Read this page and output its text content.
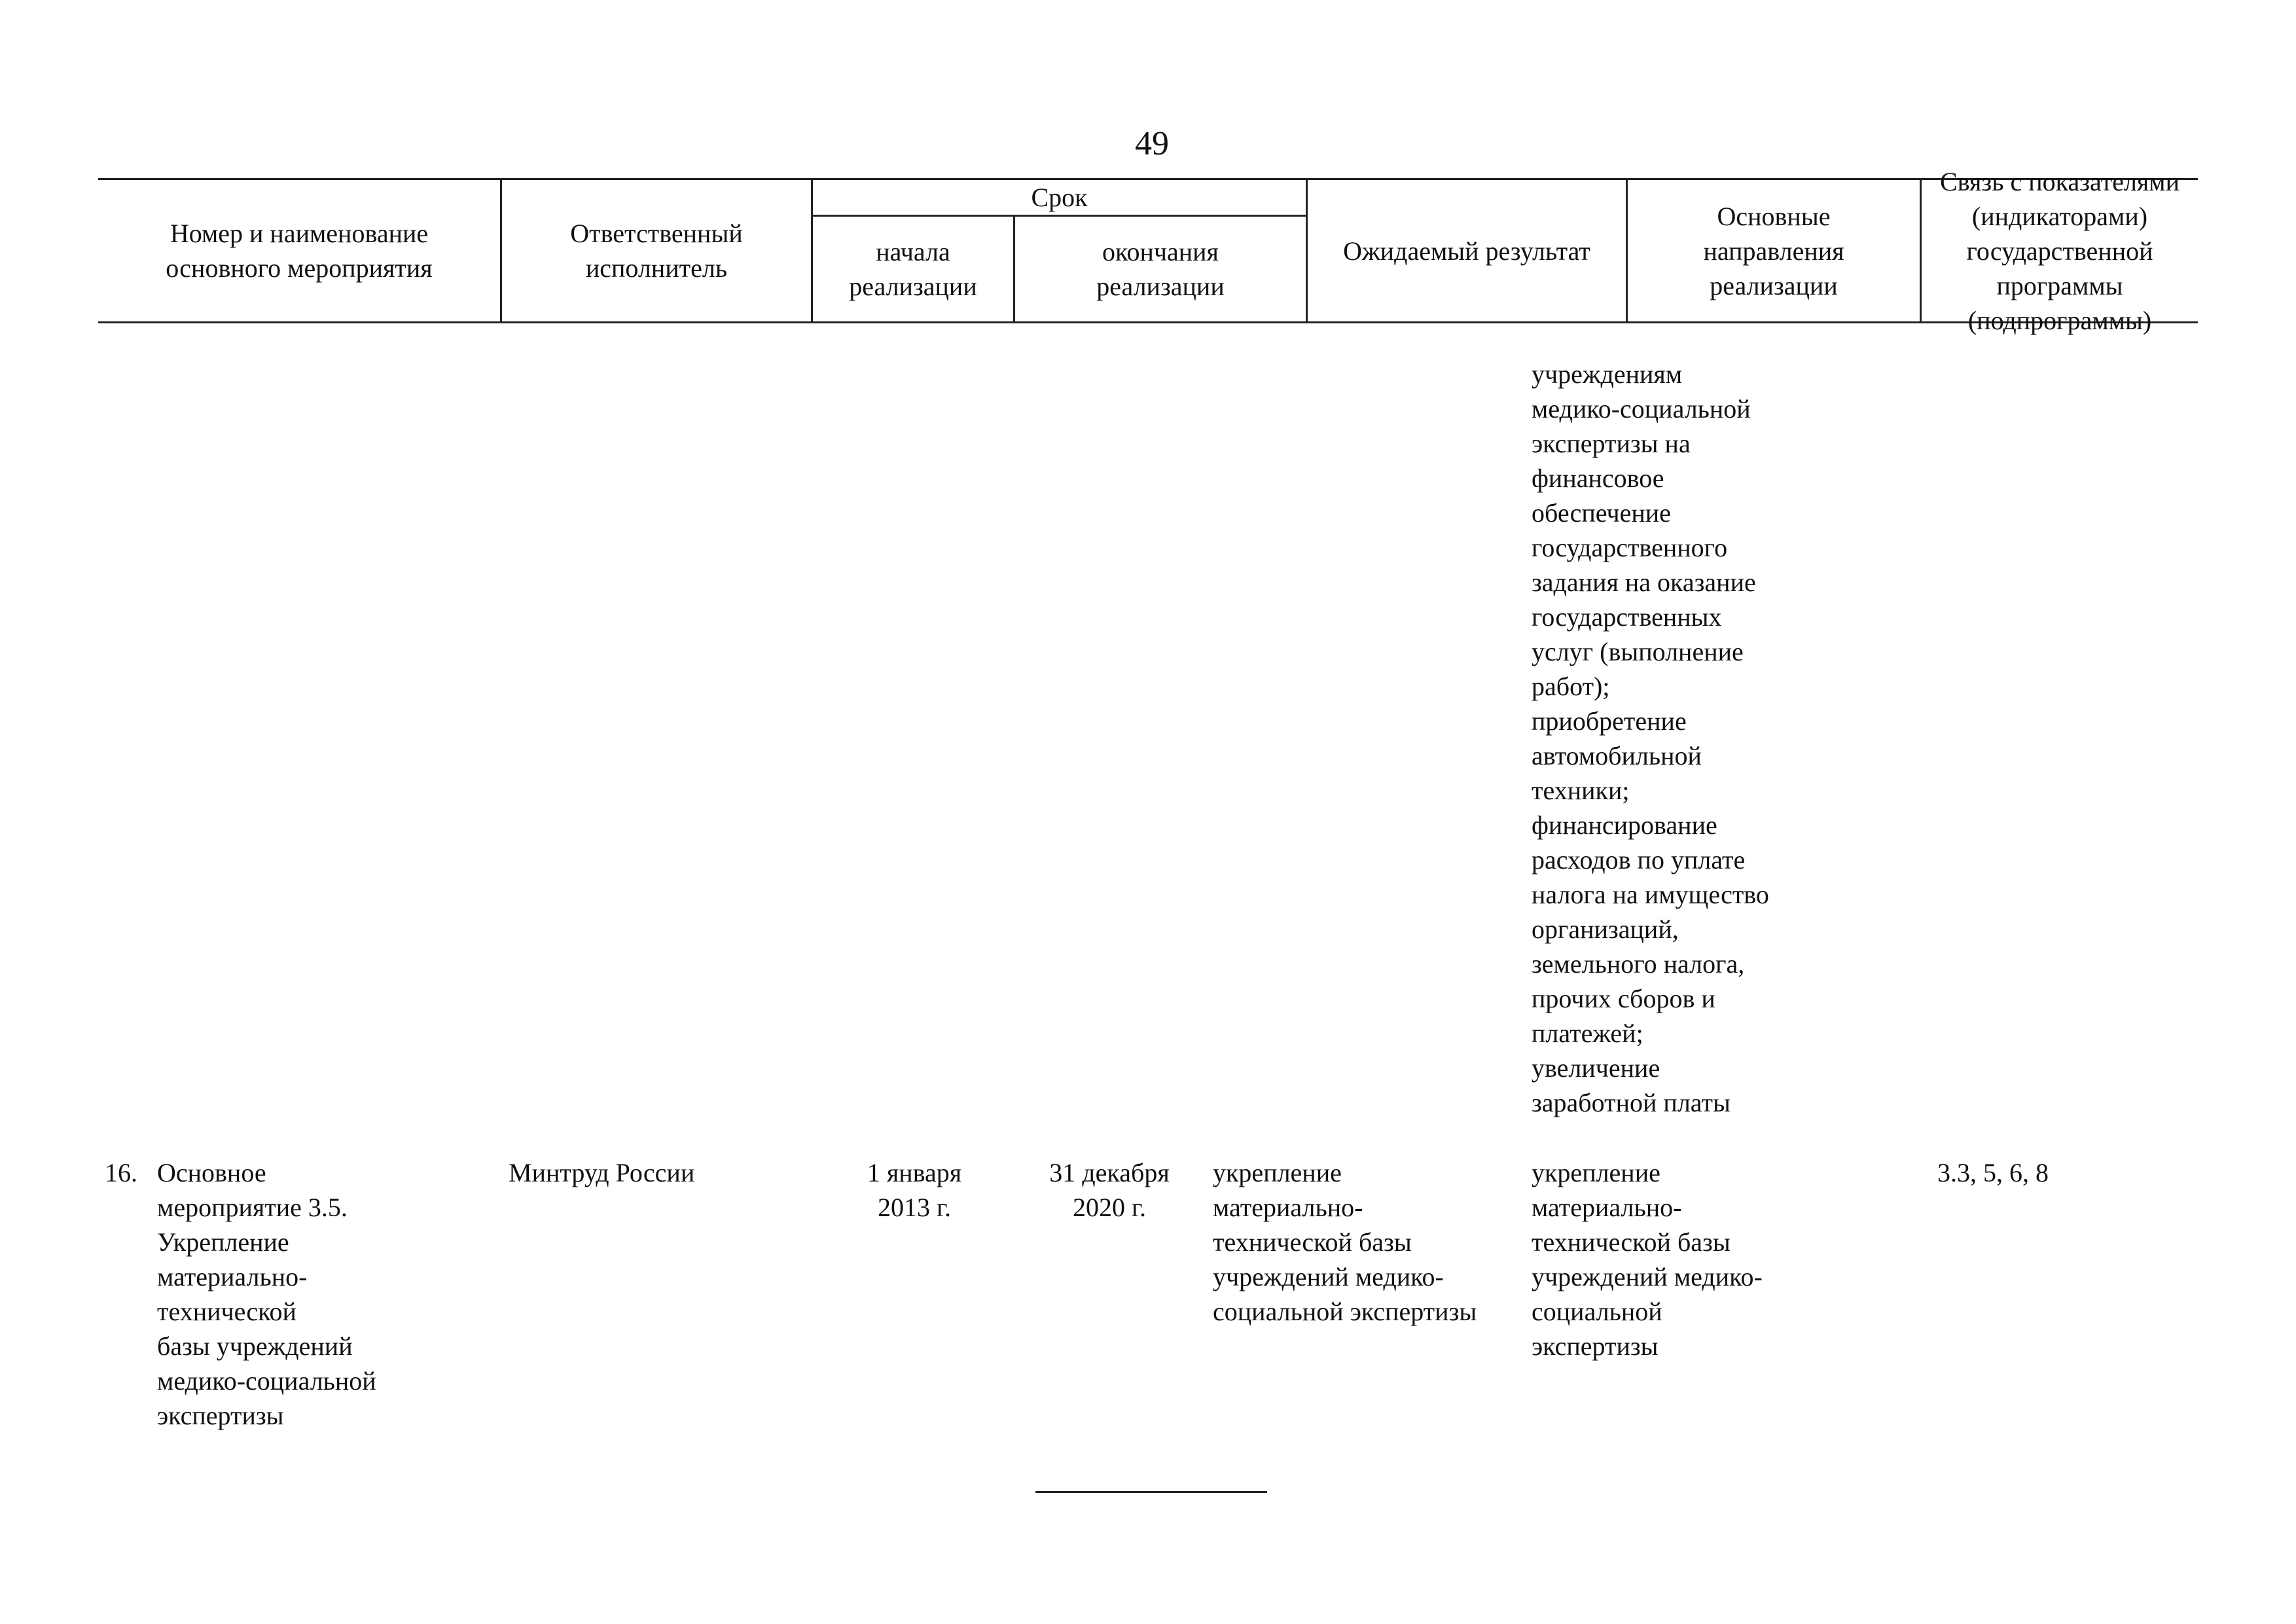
49
Номер и наименование
основного мероприятия
Ответственный
исполнитель
Срок
начала
реализации
окончания
реализации
Ожидаемый результат
Основные
направления
реализации
Связь с показателями
(индикаторами)
государственной программы
(подпрограммы)
учреждениям
медико-социальной
экспертизы на
финансовое
обеспечение
государственного
задания на оказание
государственных
услуг (выполнение
работ);
приобретение
автомобильной
техники;
финансирование
расходов по уплате
налога на имущество
организаций,
земельного налога,
прочих сборов и
платежей;
увеличение
заработной платы
16. Основное
мероприятие 3.5.
Укрепление
материально-технической
базы учреждений
медико-социальной
экспертизы
Минтруд России	1 января
2013 г.
31 декабря
2020 г.
укрепление
материально-
технической базы
учреждений медико-
социальной экспертизы
укрепление
материально-
технической базы
учреждений медико-
социальной
экспертизы
3.3, 5, 6, 8
